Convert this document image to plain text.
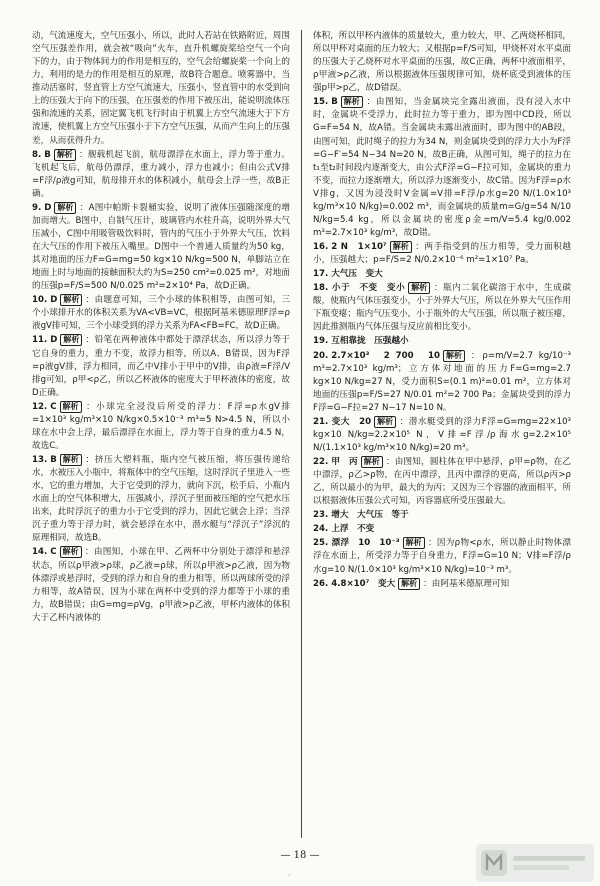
动，气流速度大，空气压强小，所以，此时人若站在铁路附近，周围空气压强差作用，就会被“吸向”火车，直升机螺旋桨给空气一个向下的力，由于物体间力的作用是相互的，空气会给螺旋桨一个向上的力，利用的是力的作用是相互的原理，故B符合题意。喷雾器中，当推动活塞时，竖直管上方空气流速大，压强小，竖直管中的水受到向上的压强大于向下的压强，在压强差的作用下被压出，能说明流体压强和流速的关系，固定翼飞机飞行时由于机翼上方空气流速大于下方流速，使机翼上方空气压强小于下方空气压强，从而产生向上的压强差，从而获得升力。
8. B 解析 ：舰载机起飞前，航母漂浮在水面上，浮力等于重力。飞机起飞后，航母仍漂浮，重力减小，浮力也减小；但由公式V排=F浮/ρ液g可知，航母排开水的体积减小，航母会上浮一些，故B正确。
9. D 解析 ：A图中帕斯卡裂桶实验，说明了液体压强随深度的增加而增大。B图中，自制气压计，玻璃管内水柱升高，说明外界大气压减小，C图中用吸管吸饮料时，管内的气压小于外界大气压，饮料在大气压的作用下被压入嘴里。D图中一个普通人质量约为50 kg，其对地面的压力F=G=mg=50 kg×10 N/kg=500 N，单脚站立在地面上时与地面的接触面积大约为S=250 cm²=0.025 m²，对地面的压强p=F/S=500 N/0.025 m²=2×10⁴ Pa，故D正确。
10. D 解析 ：由题意可知，三个小球的体积相等，由图可知，三个小球排开水的体积关系为VA<VB=VC，根据阿基米德原理F浮=ρ液gV排可知，三个小球受到的浮力关系为FA<FB=FC，故D正确。
11. D 解析 ：铅笔在两种液体中都处于漂浮状态，所以浮力等于它自身的重力，重力不变，故浮力相等，所以A、B错误，因为F浮=ρ液gV排，浮力相同，而乙中V排小于甲中的V排，由ρ液=F浮/V排g可知，ρ甲<ρ乙，所以乙杯液体的密度大于甲杯液体的密度，故D正确。
12. C 解析 ：小球完全浸没后所受的浮力：F浮=ρ水gV排=1×10³ kg/m³×10 N/kg×0.5×10⁻³ m³=5 N>4.5 N，所以小球在水中会上浮，最后漂浮在水面上，浮力等于自身的重力4.5 N，故选C。
13. B 解析 ：挤压大塑料瓶，瓶内空气被压缩，将压强传递给水，水被压入小瓶中，将瓶体中的空气压缩，这时浮沉子里进入一些水，它的重力增加，大于它受到的浮力，就向下沉，松手后，小瓶内水面上的空气体积增大，压强减小，浮沉子里面被压缩的空气把水压出来，此时浮沉子的重力小于它受到的浮力，因此它就会上浮；当浮沉子重力等于浮力时，就会悬浮在水中，潜水艇与“浮沉子”浮沉的原理相同，故选B。
14. C 解析 ：由图知，小球在甲、乙两杯中分别处于漂浮和悬浮状态，所以ρ甲液>ρ球，ρ乙液=ρ球，所以ρ甲液>ρ乙液，因为物体漂浮或悬浮时，受到的浮力和自身的重力相等，所以两球所受的浮力相等，故A错误，因为小球在两杯中受到的浮力都等于小球的重力，故B错误；由G=mg=ρVg，ρ甲液>ρ乙液，甲杯内液体的体积大于乙杯内液体的
体积，所以甲杯内液体的质量较大，重力较大，甲、乙两烧杯相同，所以甲杯对桌面的压力较大；又根据p=F/S可知，甲烧杯对水平桌面的压强大于乙烧杯对水平桌面的压强，故C正确，两杯中液面相平，ρ甲液>ρ乙液，所以根据液体压强规律可知，烧杯底受到液体的压强p甲>p乙，故D错误。
15. B 解析 ：由图知，当金属块完全露出液面，没有浸入水中时，金属块不受浮力，此时拉力等于重力，即为图中CD段，所以G=F=54 N，故A错。当金属块未露出液面时，即为图中的AB段，由图可知，此时绳子的拉力为34 N，则金属块受到的浮力大小为F浮=G−F′=54 N−34 N=20 N，故B正确，从图可知，绳子的拉力在t₁至t₂时间段内逐渐变大，由公式F浮=G−F拉可知，金属块的重力不变，而拉力逐渐增大，所以浮力逐渐变小，故C错。因为F浮=ρ水V排g，又因为浸没时V金属=V排=F浮/ρ水g=20 N/(1.0×10³ kg/m³×10 N/kg)=0.002 m³，而金属块的质量m=G/g=54 N/10 N/kg=5.4 kg，所以金属块的密度ρ金=m/V=5.4 kg/0.002 m³=2.7×10³ kg/m³，故D错。
16. 2 N　1×10⁷ 解析 ：两手指受到的压力相等，受力面积越小，压强越大；p=F/S=2 N/0.2×10⁻⁶ m²=1×10⁷ Pa。
17. 大气压　变大
18. 小于　不变　变小 解析 ：瓶内二氧化碳溶于水中，生成碳酸，使瓶内气体压强变小，小于外界大气压，所以在外界大气压作用下瓶变瘪；瓶内气压变小，小于瓶外的大气压强，所以瓶子被压瘪，因此推测瓶内气体压强与反应前相比变小。
19. 互相靠拢　压强越小
20. 2.7×10³　2 700　10 解析 ：ρ=m/V=2.7 kg/10⁻³ m³=2.7×10³ kg/m³；立方体对地面的压力F=G=mg=2.7 kg×10 N/kg=27 N，受力面积S=(0.1 m)²=0.01 m²，立方体对地面的压强p=F/S=27 N/0.01 m²=2 700 Pa；金属块受到的浮力F浮=G−F拉=27 N−17 N=10 N。
21. 变大　20 解析 ：潜水艇受到的浮力F浮=G=mg=22×10³ kg×10 N/kg=2.2×10⁵ N，V排=F浮/ρ海水g=2.2×10⁵ N/(1.1×10³ kg/m³×10 N/kg)=20 m³。
22. 甲　丙 解析 ：由图知，圆柱体在甲中悬浮，ρ甲=ρ物，在乙中漂浮，ρ乙>ρ物，在丙中漂浮，且丙中漂浮的更高，所以ρ丙>ρ乙，所以最小的为甲，最大的为丙；又因为三个容器的液面相平，所以根据液体压强公式可知，丙容器底所受压强最大。
23. 增大　大气压　等于
24. 上浮　不变
25. 漂浮　10　10⁻³ 解析 ：因为ρ物<ρ水，所以静止时物体漂浮在水面上，所受浮力等于自身重力，F浮=G=10 N；V排=F浮/ρ水g=10 N/(1.0×10³ kg/m³×10 N/kg)=10⁻³ m³。
26. 4.8×10⁷　变大 解析 ：由阿基米德原理可知
— 18 —
·
